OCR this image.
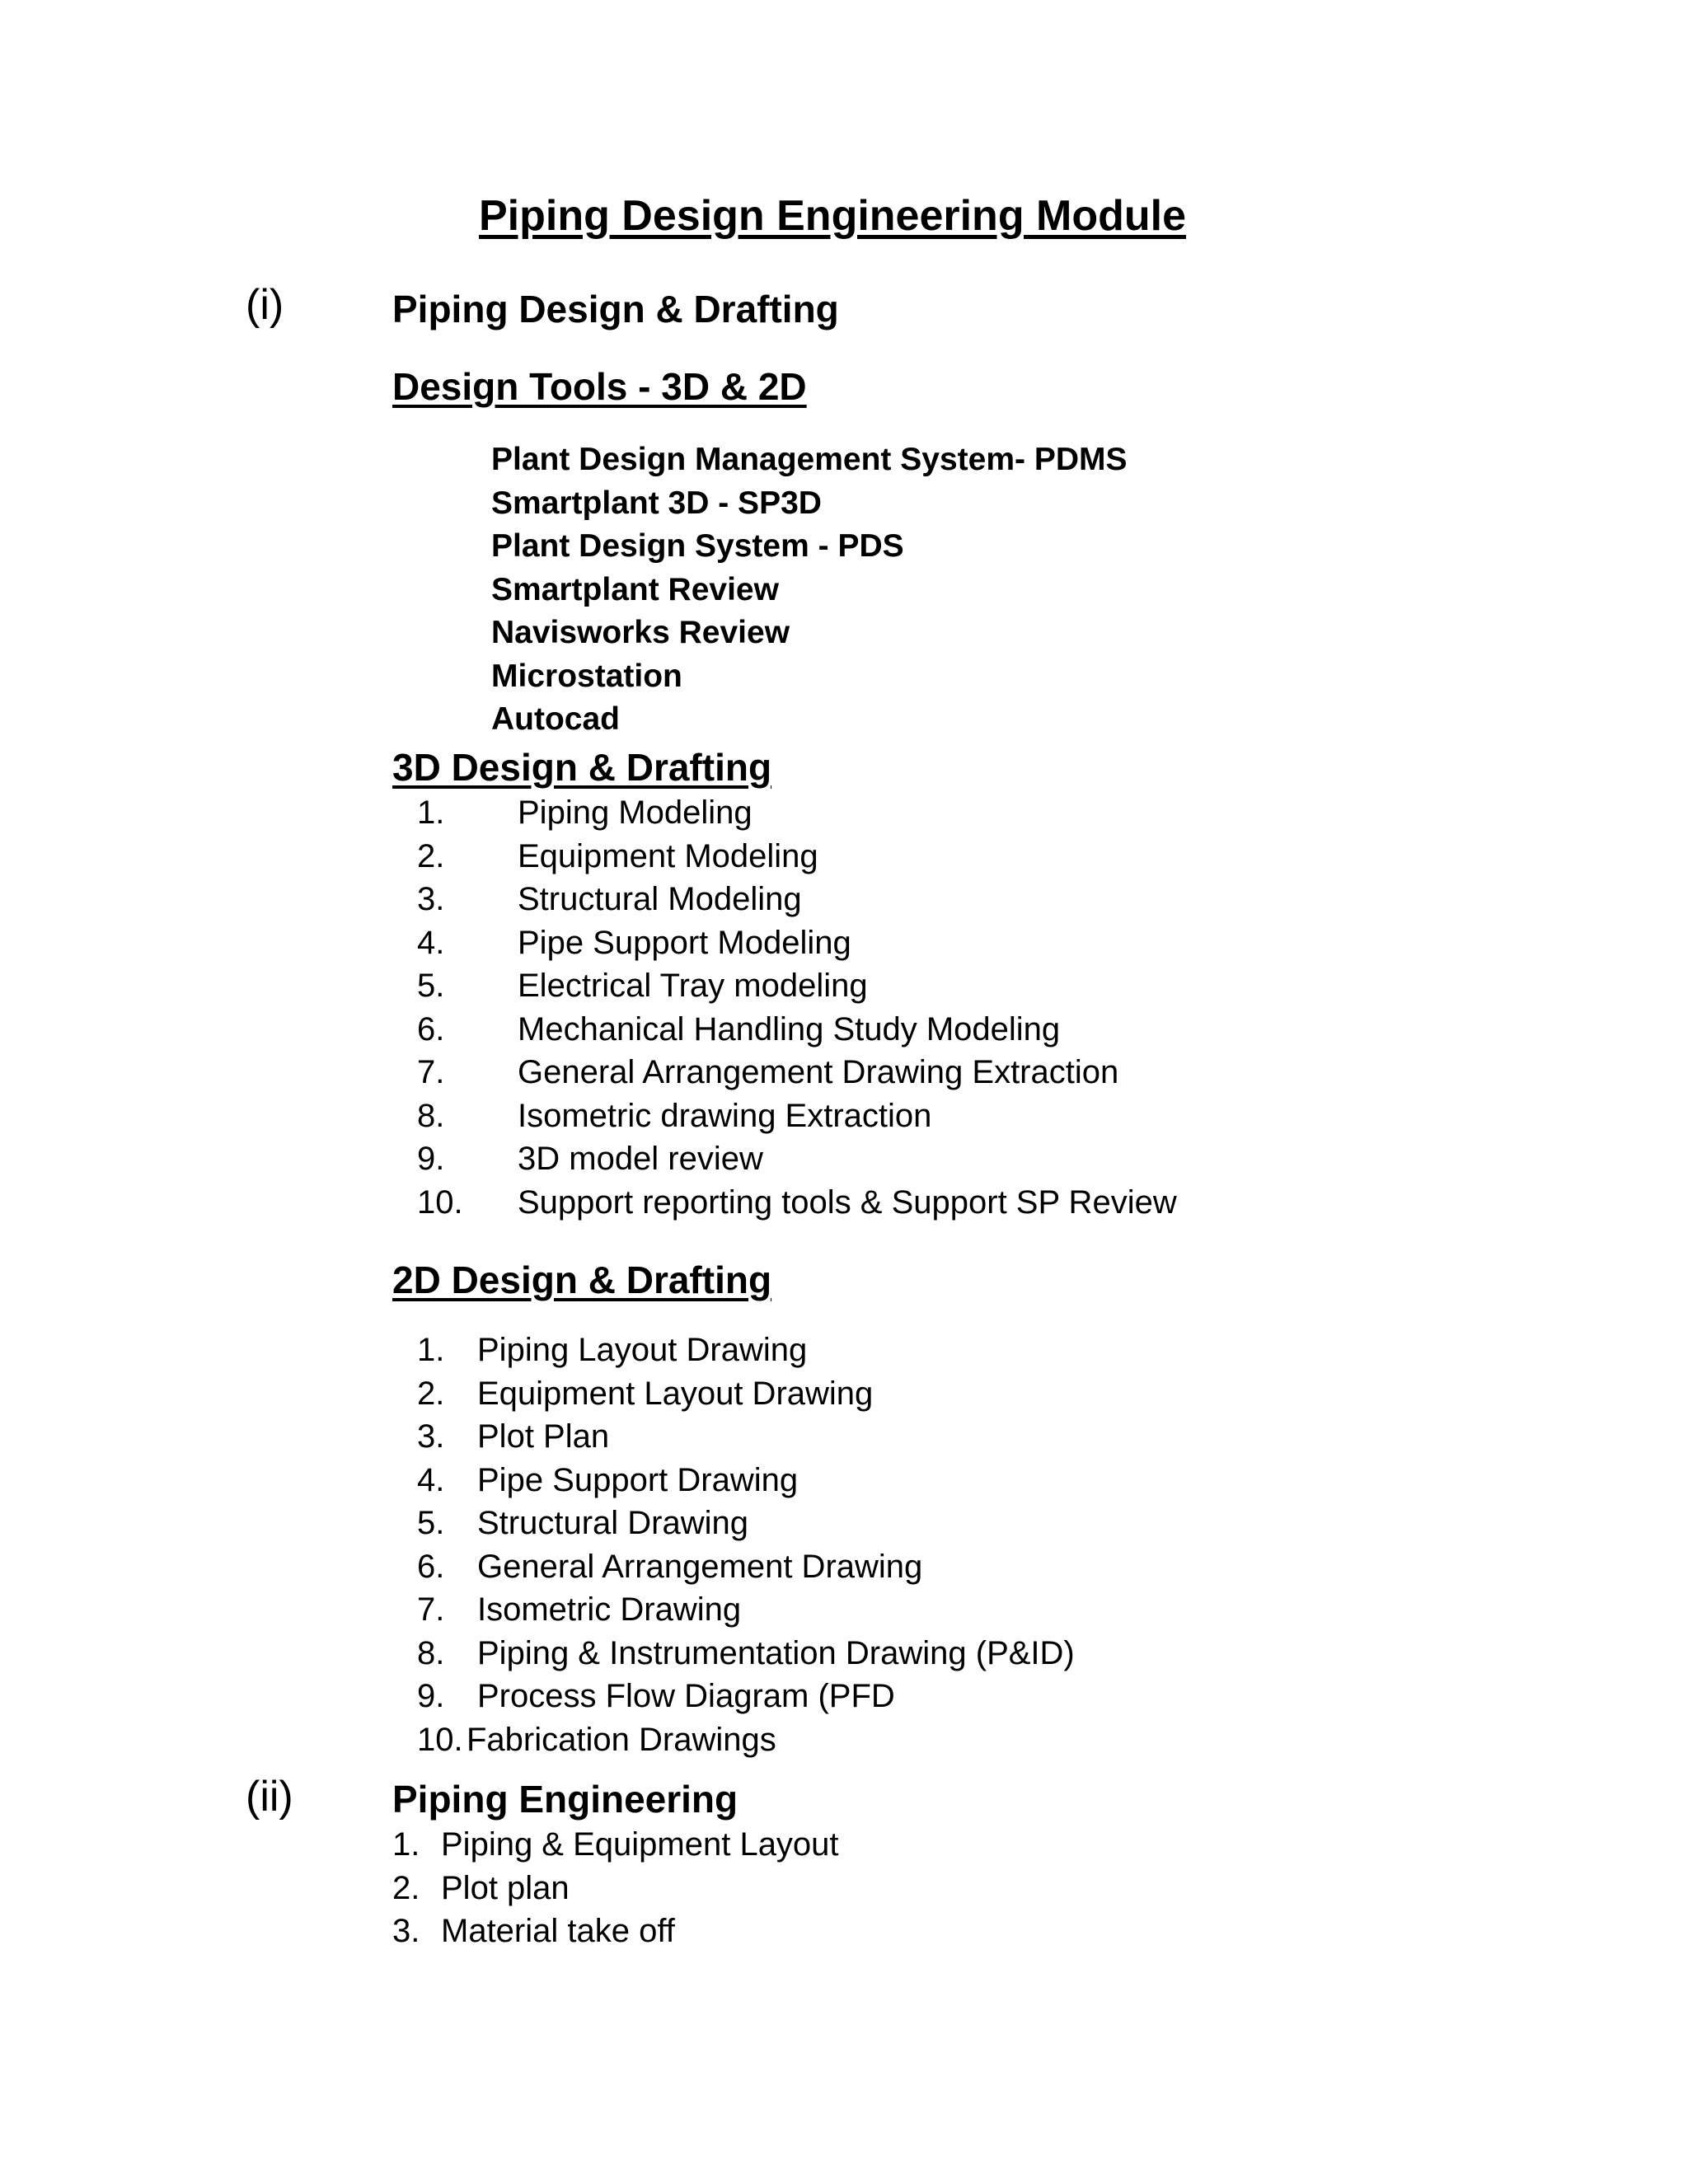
Piping Design Engineering Module
(i)	Piping Design & Drafting
Design Tools - 3D & 2D
Plant Design Management System- PDMS
Smartplant 3D - SP3D
Plant Design System - PDS
Smartplant Review
Navisworks Review
Microstation
Autocad
3D Design & Drafting
1. Piping Modeling
2. Equipment Modeling
3. Structural Modeling
4. Pipe Support Modeling
5. Electrical Tray modeling
6. Mechanical Handling Study Modeling
7. General Arrangement Drawing Extraction
8. Isometric drawing Extraction
9. 3D model review
10. Support reporting tools & Support SP Review
2D Design & Drafting
1. Piping Layout Drawing
2. Equipment Layout Drawing
3. Plot Plan
4. Pipe Support Drawing
5. Structural Drawing
6. General Arrangement Drawing
7. Isometric Drawing
8. Piping & Instrumentation Drawing (P&ID)
9. Process Flow Diagram (PFD
10. Fabrication Drawings
(ii)	Piping Engineering
1. Piping & Equipment Layout
2. Plot plan
3. Material take off
